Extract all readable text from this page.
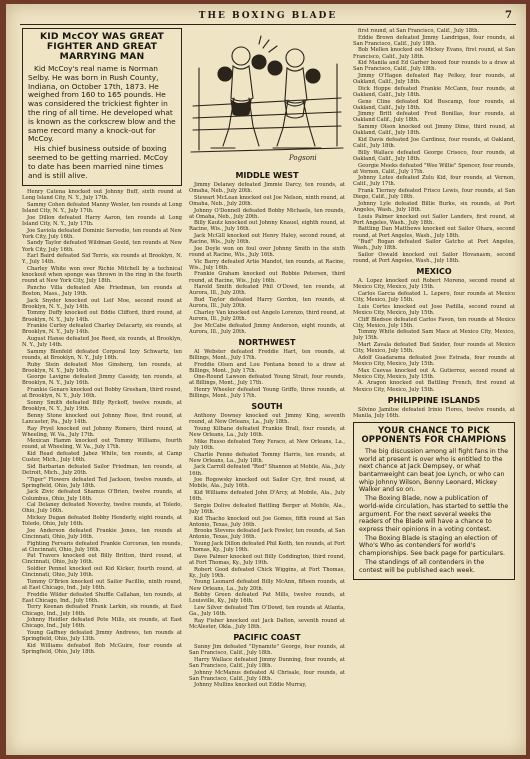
THE BOXING BLADE	7
KID McCOY WAS GREAT FIGHTER AND GREAT MARRYING MAN

Kid McCoy's real name is Norman Selby. He was born in Rush County, Indiana, on October 17th, 1873. He weighed from 160 to 165 pounds. He was considered the trickiest fighter in the ring of all time. He developed what is known as the corkscrew blow and the same record many a knock-out for McCoy.

His chief business outside of boxing seemed to be getting married. McCoy to date has been married nine times and is still alive.

Henry Catena knocked out Johnny Buff, sixth round at Long Island City, N. Y., July 17th.

Sammy Cohen defeated Manny Wexler, ten rounds at Long Island City, N. Y., July 17th.

Joe Dillon defeated Harry Aaron, ten rounds at Long Island City, N. Y., July 17th.

Joe Saviola defeated Dominic Servedio, ten rounds at New York City, July 16th.

Sandy Taylor defeated Wildman Gould, ten rounds at New York City, July 16th.

Earl Baird defeated Sid Terris, six rounds at Brooklyn, N. Y., July 14th.

Charley White won over Richie Mitchell by a technical knockout when sponge was thrown in the ring in the fourth round at New York City, July 18th.

Pancho Villa defeated Abe Friedman, ten rounds at Boston, Mass., July 19th.

Jack Snyder knocked out Leif Moe, second round at Brooklyn, N. Y., July 14th.

Tommy Duffy knocked out Eddie Clifford, third round, at Brooklyn, N. Y., July 14th.

Frankie Curley defeated Charley Delacarty, six rounds, at Brooklyn, N. Y., July 14th.

August Hanse defeated Joe Reed, six rounds, at Brooklyn, N. Y., July 14th.

Sammy Blenfeld defeated Corporal Izzy Schwartz, ten rounds, at Brooklyn, N. Y., July 16th.

Ruby Stein defeated Moe Ginsberg, ten rounds, at Brooklyn, N. Y., July 16th.

George Lavigne defeated Jimmy Cassidy, ten rounds, at Brooklyn, N. Y., July 16th.

Frankie Genaro knocked out Bobby Gresham, third round, at Brooklyn, N. Y., July 16th.

Sonny Smith defeated Billy Ryckoff, twelve rounds, at Brooklyn, N. Y., July 19th.

Benny Stone knocked out Johnny Rose, first round, at Lancaster, Pa., July 14th.

Ray Pryel knocked out Johnny Romero, third round, at Wheeling, W. Va., July 17th.

Mexican Hamm knocked out Tommy Williams, fourth round, at Wheeling, W. Va., July 17th.

Kid Read defeated Jabez White, ten rounds, at Camp Custer, Mich., July 16th.

Sid Barbarian defeated Sailor Friedman, ten rounds, at Detroit, Mich., July 20th.

"Tiger" Flowers defeated Ted Jackson, twelve rounds, at Springfield, Ohio, July 18th.

Jack Zivic defeated Shamus O'Brien, twelve rounds, at Columbus, Ohio, July 16th.

Cal Delaney defeated Novechy, twelve rounds, at Toledo, Ohio, July 16th.

Mickey Dugan defeated Bobby Henderly, eight rounds, at Toledo, Ohio, July 16th.

Joe Anderson defeated Frankie Jones, ten rounds at Cincinnati, Ohio, July 16th.

Fighting Fervaris defeated Frankie Corcoran, ten rounds, at Cincinnati, Ohio, July 16th.

Pat Travers knocked out Billy Britton, third round, at Cincinnati, Ohio, July 16th.

Soldier Pennel knocked out Kid Kicker, fourth round, at Cincinnati, Ohio, July 16th.

Tommy O'Brien knocked out Sailor Pacillio, ninth round, at East Chicago, Ind., July 16th.

Freddie Wilder defeated Shuffle Callahan, ten rounds, at East Chicago, Ind., July 16th.

Terry Keenan defeated Frank Larkin, six rounds, at East Chicago, Ind., July 16th.

Johnny Heidler defeated Pete Mills, six rounds, at East Chicago, Ind., July 16th.

Young Gaffney defeated Jimmy Andrews, ten rounds at Springfield, Ohio, July 13th.

Kid Williams defeated Bob McGuire, four rounds at Springfield, Ohio, July 18th.

Pogsoni
MIDDLE WEST

Jimmy Delaney defeated Jimmie Darcy, ten rounds, at Omaha, Neb., July 20th.

Stewart McLean knocked out Joe Nelson, ninth round, at Omaha, Neb., July 20th.

Johnny O'Donnell defeated Bobby Michaels, ten rounds, at Omaha, Neb., July 20th.

Billy Kautz knocked out Johnny Knauel, eighth round, at Racine, Wis., July 16th.

Jack McGill knocked out Henry Haley, second round, at Racine, Wis., July 16th.

Joe Doyle won on foul over Johnny Smith in the sixth round at Racine, Wis., July 16th.

Vic Barry defeated Artie Mandot, ten rounds, at Racine, Wis., July 16th.

Frankie Graham knocked out Robbie Petersen, third round, at Racine, Wis., July 16th.

Harold Smith defeated Phil O'Dowd, ten rounds, at Aurora, Ill., July 20th.

Bud Taylor defeated Harry Gordon, ten rounds, at Aurora, Ill., July 20th.

Charley Van knocked out Angelo Lorenzo, third round, at Aurora, Ill., July 20th.

Joe McCabe defeated Jimmy Anderson, eight rounds, at Aurora, Ill., July 20th.

NORTHWEST

Al Webster defeated Freddie Hart, ten rounds, at Billings, Mont., July 17th.

Freddie Olsen and Lou Fontana boxed to a draw at Billings, Mont., July 17th.

One-Round Lawson defeated Young Strait, four rounds, at Billings, Mont., July 17th.

Henry Wheeler defeated Young Griffo, three rounds, at Billings, Mont., July 17th.

SOUTH

Anthony Downey knocked out Jimmy King, seventh round, at New Orleans, La., July 18th.

Young Kilbane defeated Frankie Brall, four rounds, at New Orleans, La., July 16th.

Mike Russo defeated Tony Feraco, at New Orleans, La., July 16th.

Charlie Fenno defeated Tommy Harris, ten rounds, at New Orleans, La., July 18th.

Jack Carroll defeated "Red" Shannon at Mobile, Ala., July 16th.

Joe Rogowsky knocked out Sailor Cyr, first round, at Mobile, Ala., July 16th.

Kid Williams defeated John D'Arcy, at Mobile, Ala., July 16th.

Sergie Dolive defeated Battling Berger at Mobile, Ala., July 16th.

Kid Thacho knocked out Joe Gomes, fifth round at San Antonio, Texas, July 16th.

Brooks Stevens defeated Jack Fowler, ten rounds, at San Antonio, Texas, July 16th.

Young Jack Dillon defeated Phil Keith, ten rounds, at Fort Thomas, Ky., July 19th.

Dave Palmer knocked out Billy Coddington, third round, at Fort Thomas, Ky., July 19th.

Robert Good defeated Chick Wiggins, at Fort Thomas, Ky., July 19th.

Young Leonard defeated Billy McAnn, fifteen rounds, at New Orleans, La., July 20th.

Bobby Green defeated Pat Mills, twelve rounds, at Louisville, Ky., July 16th.

Lew Silver defeated Tim O'Dowd, ten rounds at Atlanta, Ga., July 16th.

Ray Fisher knocked out Jack Dalton, seventh round at McAlester, Okla., July 18th.

PACIFIC COAST

Sunny Jim defeated "Dynamite" George, four rounds, at San Francisco, Calif., July 18th.

Harry Wallace defeated Jimmy Dunning, four rounds, at San Francisco, Calif., July 18th.

Johnny McManus defeated Al Chrisale, four rounds, at San Francisco, Calif., July 18th.

Johnny Mullins knocked out Eddie Murray,

first round, at San Francisco, Calif., July 18th.

Eddie Brown defeated Jimmy Landrigan, four rounds, at San Francisco, Calif., July 18th.

Bob Mellen knocked out Mickey Evans, first round, at San Francisco, Calif., July 18th.

Kid Manila and Ed Garber boxed four rounds to a draw at San Francisco, Calif., July 18th.

Jimmy O'Hagen defeated Ray Pelkey, four rounds, at Oakland, Calif., July 18th.

Dick Hoppe defeated Frankie McCann, four rounds, at Oakland, Calif., July 18th.

Gene Cline defeated Kid Buscamp, four rounds, at Oakland, Calif., July 18th.

Jimmy Britt defeated Fred Bonillas, four rounds, at Oakland Calif., July 18th.

Sammy Olson knocked out Jimmy Dime, third round, at Oakland, Calif., July 18th.

Kid Davis defeated Joe Cardinez, four rounds, at Oakland, Calif., July 18th.

Billy Wallace defeated George Crisoco, four rounds, at Oakland, Calif., July 18th.

Georgie Meeks defeated "Wee Willie" Spencer, four rounds, at Vernon, Calif., July 17th.

Johnny Lotes defeated Zulu Kid, four rounds, at Vernon, Calif., July 17th.

Frank Tierney defeated Frisco Lewis, four rounds, at San Diego, Calif., July 18th.

Johnny Lyle defeated Billie Burke, six rounds, at Port Angeles, Wash., July 18th.

Louis Palmer knocked out Sailor Landers, first round, at Port Angeles, Wash., July 18th.

Battling Dan Matthews knocked out Sailor Ohara, second round, at Port Angeles, Wash., July 18th.

"Bud" Rogan defeated Sailor Gatcho at Port Angeles, Wash., July 18th.

Sailor Oswald knocked out Sailor Hovanasm, second round, at Port Angeles, Wash., July 18th.

MEXICO

A. Lopez knocked out Robert Moreno, second round at Mexico City, Mexico, July 15th.

Carlos Garcia defeated L. Lepero, four rounds at Mexico City, Mexico, July 15th.

Luis Cortes knocked out Jose Padilla, second round at Mexico City, Mexico, July 15th.

Cliff Bledsoe defeated Carlos Favon, ten rounds at Mexico City, Mexico, July 15th.

Tommy White defeated Sam Mace at Mexico City, Mexico, July 15th.

Mart Zavala defeated Bud Snider, four rounds at Mexico City, Mexico, July 15th.

Adolf Guadarama defeated Jose Estrada, four rounds at Mexico City, Mexico, July 15th.

Max Cuevas knocked out A. Gutierrez, second round at Mexico City, Mexico, July 15th.

A. Aragon knocked out Battling French, first round at Mexico City, Mexico, July 15th.

PHILIPPINE ISLANDS

Silvino Jamitoe defeated Irinio Flores, twelve rounds, at Manila, July 16th.

YOUR CHANCE TO PICK OPPONENTS FOR CHAMPIONS

The big discussion among all fight fans in the world at present is over who is entitled to the next chance at Jack Dempsey, or what bantamweight can beat Joe Lynch, or who can whip Johnny Wilson, Benny Leonard, Mickey Walker and so on.

The Boxing Blade, now a publication of world-wide circulation, has started to settle the argument. For the next several weeks the readers of the Blade will have a chance to express their opinions in a voting contest.

The Boxing Blade is staging an election of Who's Who as contenders for world's championships. See back page for particulars.

The standings of all contenders in the contest will be published each week.
